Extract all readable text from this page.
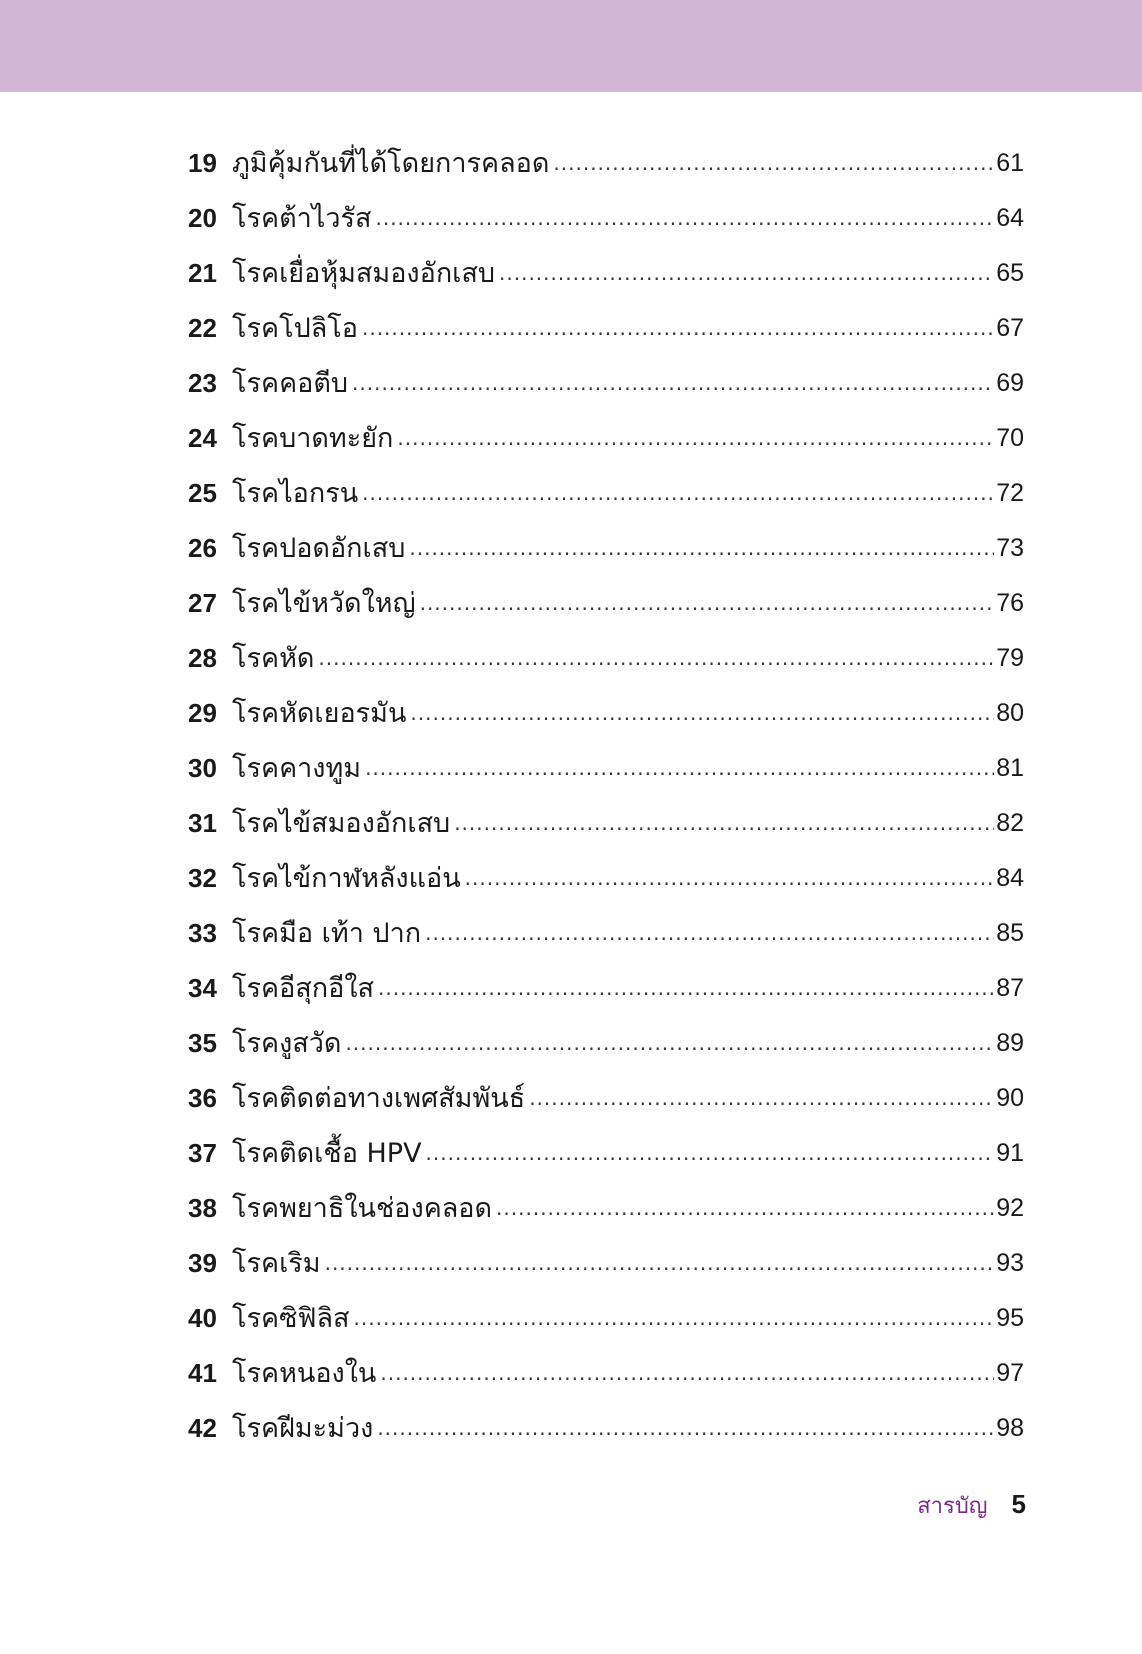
19 ภูมิคุ้มกันที่ได้โดยการคลอด .....	61
20 โรคต้าไวรัส .....	64
21 โรคเยื่อหุ้มสมองอักเสบ .....	65
22 โรคโปลิโอ .....	67
23 โรคคอตีบ .....	69
24 โรคบาดทะยัก .....	70
25 โรคไอกรน .....	72
26 โรคปอดอักเสบ .....	73
27 โรคไข้หวัดใหญ่ .....	76
28 โรคหัด .....	79
29 โรคหัดเยอรมัน .....	80
30 โรคคางทูม .....	81
31 โรคไข้สมองอักเสบ .....	82
32 โรคไข้กาฬหลังแอ่น .....	84
33 โรคมือ เท้า ปาก .....	85
34 โรคอีสุกอีใส .....	87
35 โรคงูสวัด .....	89
36 โรคติดต่อทางเพศสัมพันธ์ .....	90
37 โรคติดเชื้อ HPV .....	91
38 โรคพยาธิในช่องคลอด .....	92
39 โรคเริม .....	93
40 โรคซิฟิลิส .....	95
41 โรคหนองใน .....	97
42 โรคฝีมะม่วง .....	98
สารบัญ 5
